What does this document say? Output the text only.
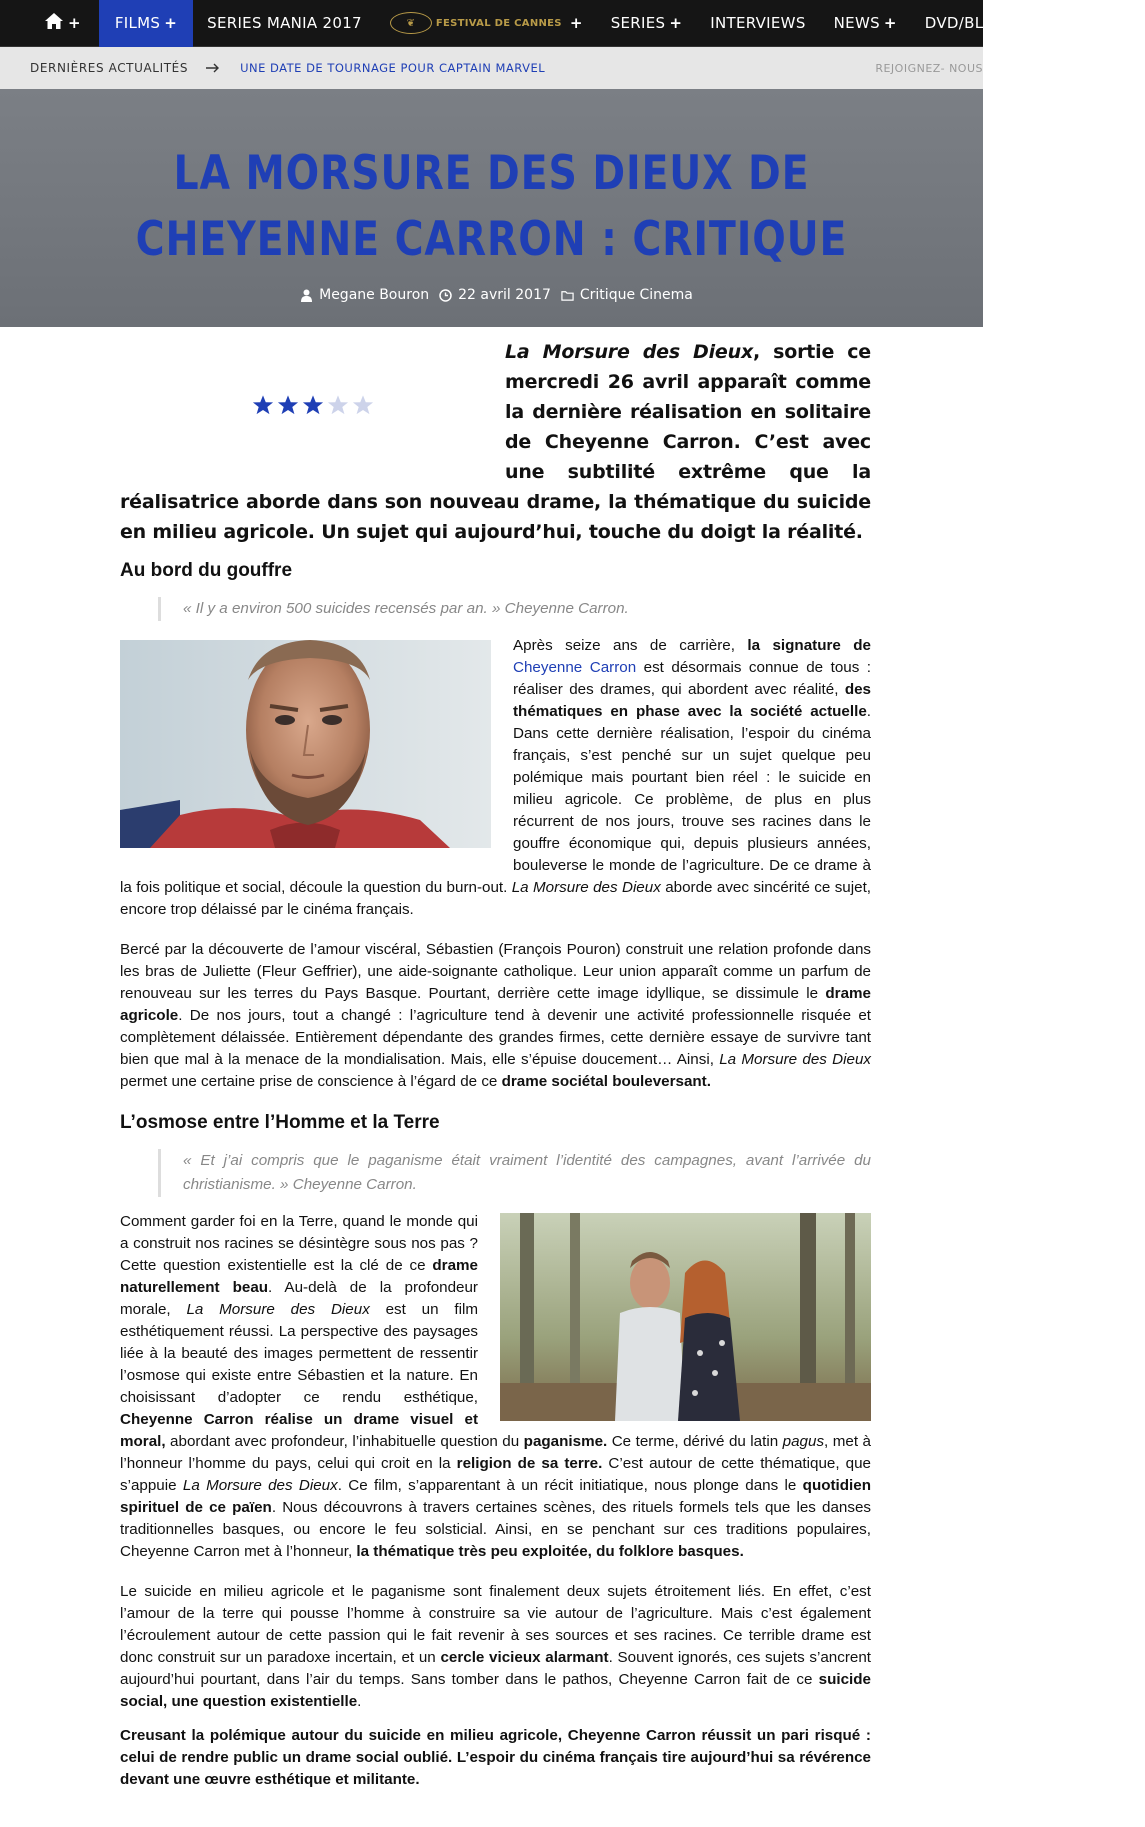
+ FILMS + SERIES MANIA 2017	❦ FESTIVAL DE CANNES + SERIES + INTERVIEWS NEWS + DVD/BLU-RAY/VOD MUS
DERNIÈRES ACTUALITÉS	UNE DATE DE TOURNAGE POUR CAPTAIN MARVEL	REJOIGNEZ- NOUS
LA MORSURE DES DIEUX DE CHEYENNE CARRON : CRITIQUE
Megane Bouron 22 avril 2017 Critique Cinema

La Morsure des Dieux, sortie ce mercredi 26 avril apparaît comme la dernière réalisation en solitaire de Cheyenne Carron. C’est avec une subtilité extrême que la réalisatrice aborde dans son nouveau drame, la thématique du suicide en milieu agricole. Un sujet qui aujourd’hui, touche du doigt la réalité.

Au bord du gouffre
« Il y a environ 500 suicides recensés par an. » Cheyenne Carron.

Après seize ans de carrière, la signature de Cheyenne Carron est désormais connue de tous : réaliser des drames, qui abordent avec réalité, des thématiques en phase avec la société actuelle. Dans cette dernière réalisation, l’espoir du cinéma français, s’est penché sur un sujet quelque peu polémique mais pourtant bien réel : le suicide en milieu agricole. Ce problème, de plus en plus récurrent de nos jours, trouve ses racines dans le gouffre économique qui, depuis plusieurs années, bouleverse le monde de l’agriculture. De ce drame à la fois politique et social, découle la question du burn-out. La Morsure des Dieux aborde avec sincérité ce sujet, encore trop délaissé par le cinéma français.

Bercé par la découverte de l’amour viscéral, Sébastien (François Pouron) construit une relation profonde dans les bras de Juliette (Fleur Geffrier), une aide-soignante catholique. Leur union apparaît comme un parfum de renouveau sur les terres du Pays Basque. Pourtant, derrière cette image idyllique, se dissimule le drame agricole. De nos jours, tout a changé : l’agriculture tend à devenir une activité professionnelle risquée et complètement délaissée. Entièrement dépendante des grandes firmes, cette dernière essaye de survivre tant bien que mal à la menace de la mondialisation. Mais, elle s’épuise doucement… Ainsi, La Morsure des Dieux permet une certaine prise de conscience à l’égard de ce drame sociétal bouleversant.

L’osmose entre l’Homme et la Terre
« Et j’ai compris que le paganisme était vraiment l’identité des campagnes, avant l’arrivée du christianisme. » Cheyenne Carron.

Comment garder foi en la Terre, quand le monde qui a construit nos racines se désintègre sous nos pas ? Cette question existentielle est la clé de ce drame naturellement beau. Au-delà de la profondeur morale, La Morsure des Dieux est un film esthétiquement réussi. La perspective des paysages liée à la beauté des images permettent de ressentir l’osmose qui existe entre Sébastien et la nature. En choisissant d’adopter ce rendu esthétique, Cheyenne Carron réalise un drame visuel et moral, abordant avec profondeur, l’inhabituelle question du paganisme. Ce terme, dérivé du latin pagus, met à l’honneur l’homme du pays, celui qui croit en la religion de sa terre. C’est autour de cette thématique, que s’appuie La Morsure des Dieux. Ce film, s’apparentant à un récit initiatique, nous plonge dans le quotidien spirituel de ce païen. Nous découvrons à travers certaines scènes, des rituels formels tels que les danses traditionnelles basques, ou encore le feu solsticial. Ainsi, en se penchant sur ces traditions populaires, Cheyenne Carron met à l’honneur, la thématique très peu exploitée, du folklore basques.

Le suicide en milieu agricole et le paganisme sont finalement deux sujets étroitement liés. En effet, c’est l’amour de la terre qui pousse l’homme à construire sa vie autour de l’agriculture. Mais c’est également l’écroulement autour de cette passion qui le fait revenir à ses sources et ses racines. Ce terrible drame est donc construit sur un paradoxe incertain, et un cercle vicieux alarmant. Souvent ignorés, ces sujets s’ancrent aujourd’hui pourtant, dans l’air du temps. Sans tomber dans le pathos, Cheyenne Carron fait de ce suicide social, une question existentielle.

Creusant la polémique autour du suicide en milieu agricole, Cheyenne Carron réussit un pari risqué : celui de rendre public un drame social oublié. L’espoir du cinéma français tire aujourd’hui sa révérence devant une œuvre esthétique et militante.
